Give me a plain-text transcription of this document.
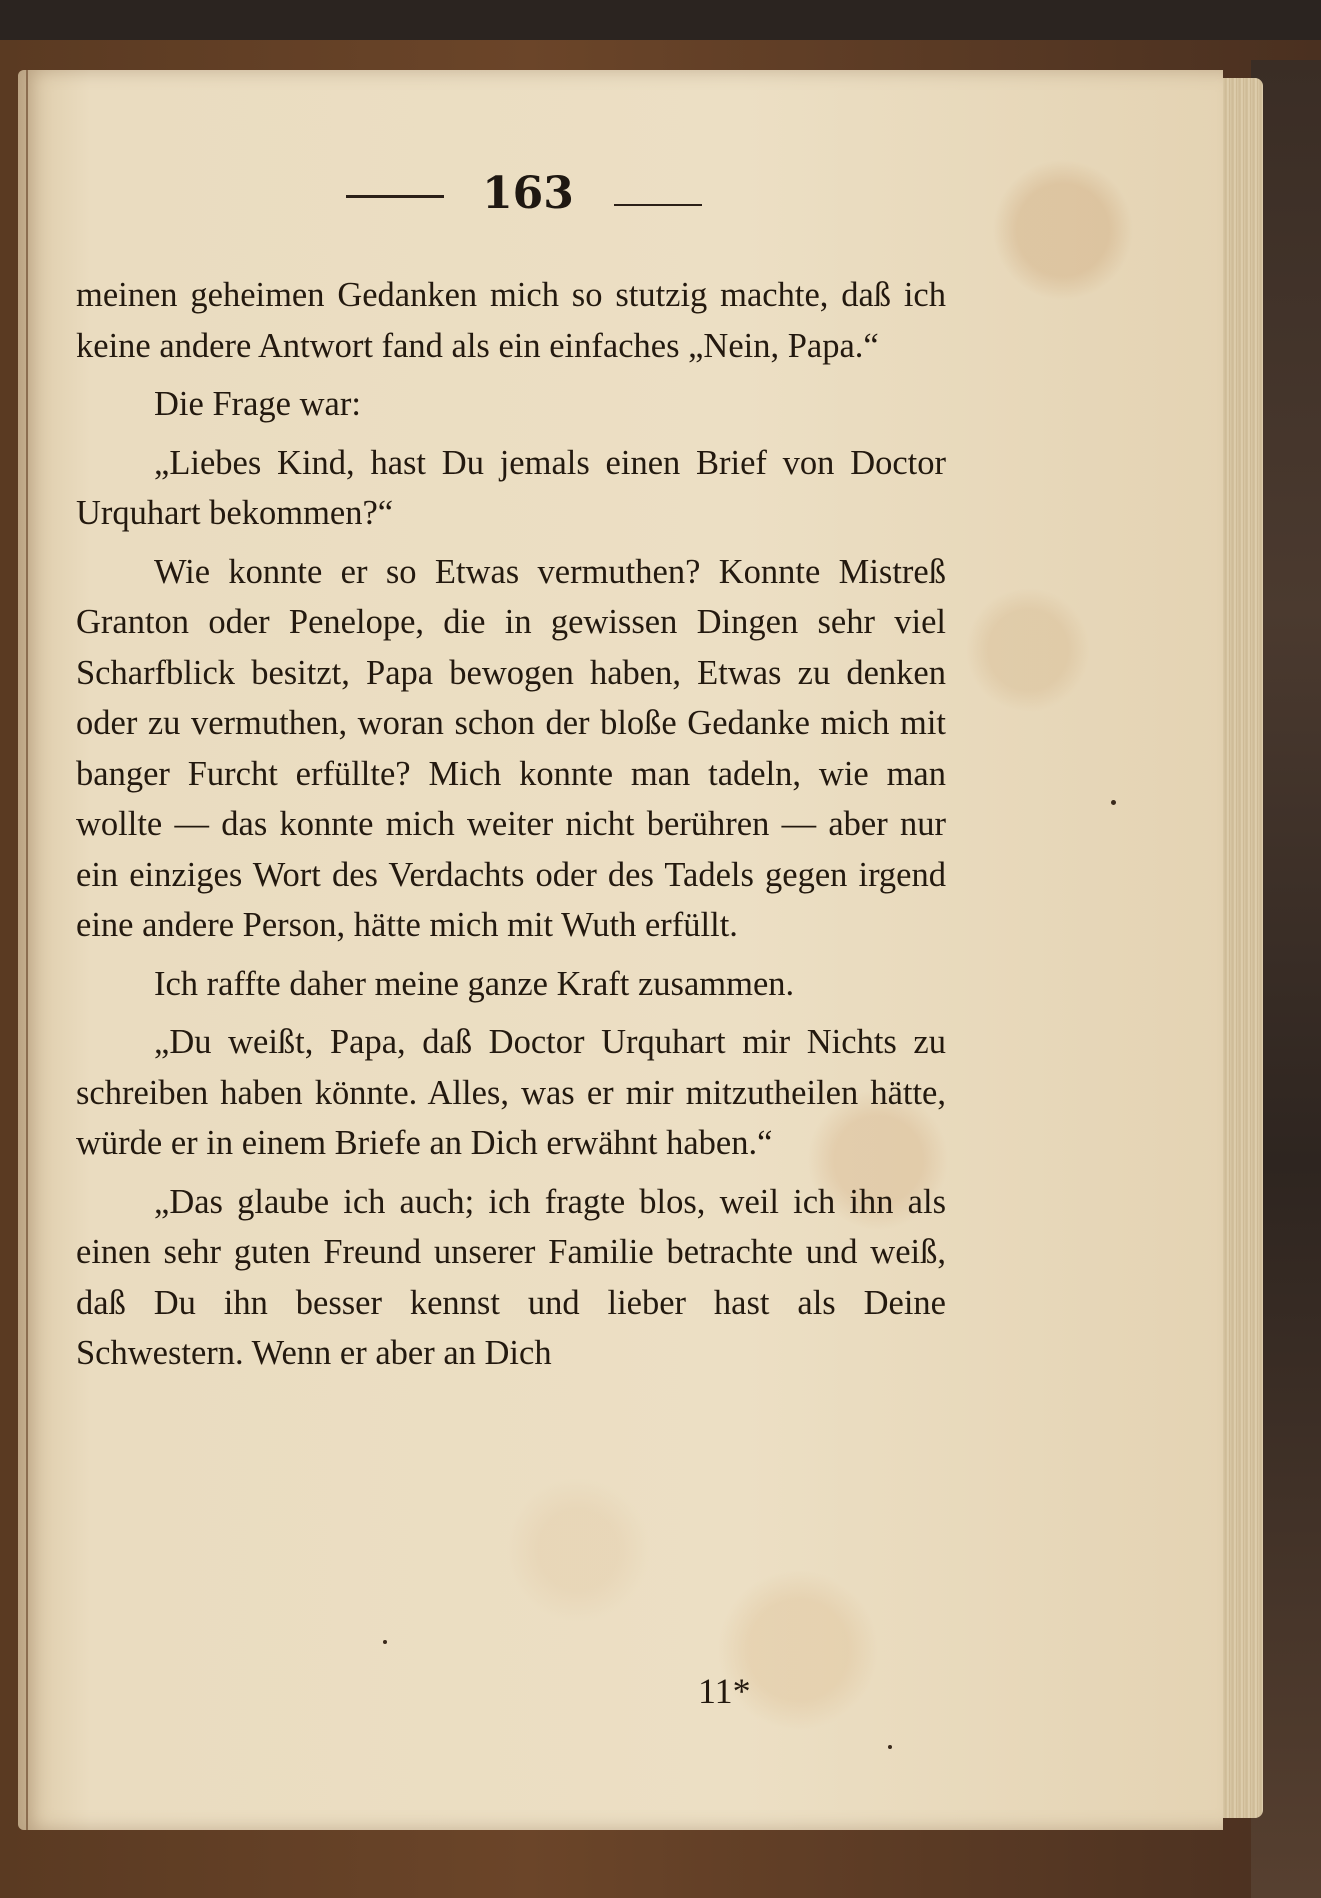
163

meinen geheimen Gedanken mich so stutzig machte, daß ich keine andere Antwort fand als ein einfaches „Nein, Papa.“

Die Frage war:

„Liebes Kind, hast Du jemals einen Brief von Doctor Urquhart bekommen?“

Wie konnte er so Etwas vermuthen? Konnte Mistreß Granton oder Penelope, die in gewissen Dingen sehr viel Scharfblick besitzt, Papa bewogen haben, Etwas zu denken oder zu vermuthen, woran schon der bloße Gedanke mich mit banger Furcht erfüllte? Mich konnte man tadeln, wie man wollte — das konnte mich weiter nicht berühren — aber nur ein einziges Wort des Verdachts oder des Tadels gegen irgend eine andere Person, hätte mich mit Wuth erfüllt.

Ich raffte daher meine ganze Kraft zusammen.

„Du weißt, Papa, daß Doctor Urquhart mir Nichts zu schreiben haben könnte. Alles, was er mir mitzutheilen hätte, würde er in einem Briefe an Dich erwähnt haben.“

„Das glaube ich auch; ich fragte blos, weil ich ihn als einen sehr guten Freund unserer Familie betrachte und weiß, daß Du ihn besser kennst und lieber hast als Deine Schwestern. Wenn er aber an Dich

11*
